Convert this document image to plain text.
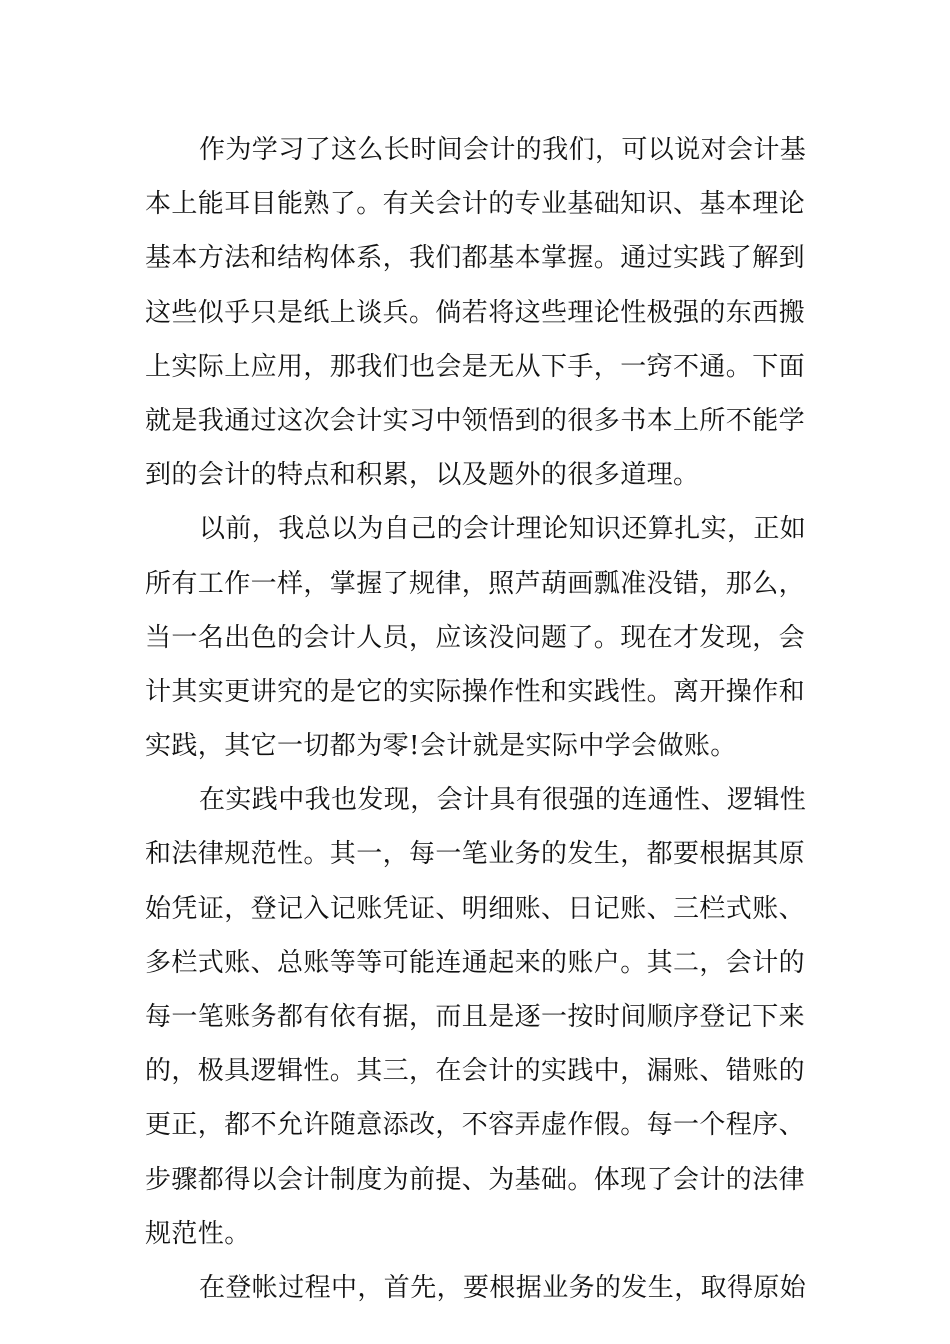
作为学习了这么长时间会计的我们，可以说对会计基
本上能耳目能熟了。有关会计的专业基础知识、基本理论
基本方法和结构体系，我们都基本掌握。通过实践了解到
这些似乎只是纸上谈兵。倘若将这些理论性极强的东西搬
上实际上应用，那我们也会是无从下手，一窍不通。下面
就是我通过这次会计实习中领悟到的很多书本上所不能学
到的会计的特点和积累，以及题外的很多道理。
以前，我总以为自己的会计理论知识还算扎实，正如
所有工作一样，掌握了规律，照芦葫画瓢准没错，那么，
当一名出色的会计人员，应该没问题了。现在才发现，会
计其实更讲究的是它的实际操作性和实践性。离开操作和
实践，其它一切都为零!会计就是实际中学会做账。
在实践中我也发现，会计具有很强的连通性、逻辑性
和法律规范性。其一，每一笔业务的发生，都要根据其原
始凭证，登记入记账凭证、明细账、日记账、三栏式账、
多栏式账、总账等等可能连通起来的账户。其二，会计的
每一笔账务都有依有据，而且是逐一按时间顺序登记下来
的，极具逻辑性。其三，在会计的实践中，漏账、错账的
更正，都不允许随意添改，不容弄虚作假。每一个程序、
步骤都得以会计制度为前提、为基础。体现了会计的法律
规范性。
在登帐过程中，首先，要根据业务的发生，取得原始
